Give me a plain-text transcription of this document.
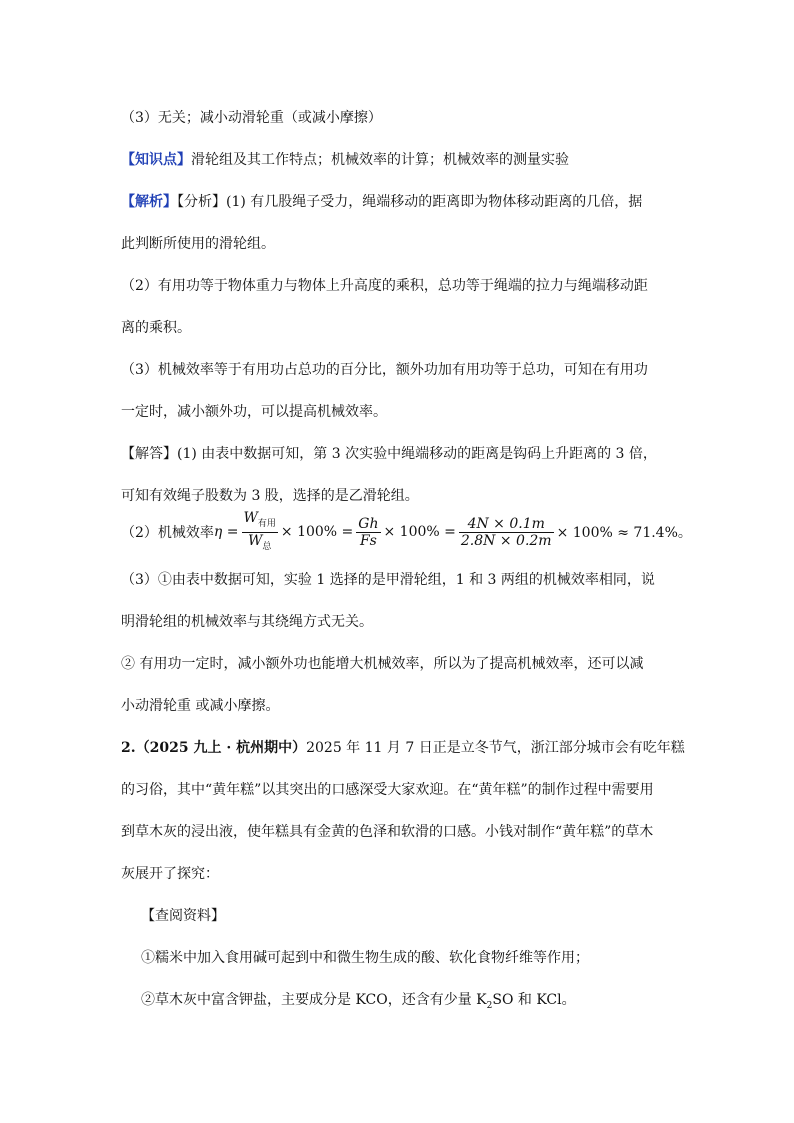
（3）无关；减小动滑轮重（或减小摩擦）
【知识点】滑轮组及其工作特点；机械效率的计算；机械效率的测量实验
【解析】【分析】(1) 有几股绳子受力，绳端移动的距离即为物体移动距离的几倍，据
此判断所使用的滑轮组。
（2）有用功等于物体重力与物体上升高度的乘积，总功等于绳端的拉力与绳端移动距
离的乘积。
（3）机械效率等于有用功占总功的百分比，额外功加有用功等于总功，可知在有用功
一定时，减小额外功，可以提高机械效率。
【解答】(1) 由表中数据可知，第 3 次实验中绳端移动的距离是钩码上升距离的 3 倍，
可知有效绳子股数为 3 股，选择的是乙滑轮组。
（2）机械效率 $\eta = \frac{W_{有用}}{W_总} \times 100\% = \frac{Gh}{Fs} \times 100\% = \frac{4N \times 0.1m}{2.8N \times 0.2m} \times 100\% \approx 71.4\%$。
（3）①由表中数据可知，实验 1 选择的是甲滑轮组，1 和 3 两组的机械效率相同，说
明滑轮组的机械效率与其绕绳方式无关。
② 有用功一定时，减小额外功也能增大机械效率，所以为了提高机械效率，还可以减
小动滑轮重 或减小摩擦。
2.（2025 九上 · 杭州期中）2025 年 11 月 7 日正是立冬节气，浙江部分城市会有吃年糕
的习俗，其中“黄年糕”以其突出的口感深受大家欢迎。在“黄年糕”的制作过程中需要用
到草木灰的浸出液，使年糕具有金黄的色泽和软滑的口感。小钱对制作“黄年糕”的草木
灰展开了探究：
【查阅资料】
①糯米中加入食用碱可起到中和微生物生成的酸、软化食物纤维等作用；
②草木灰中富含钾盐，主要成分是 KCO，还含有少量 $K_2SO$ 和 KCl。
